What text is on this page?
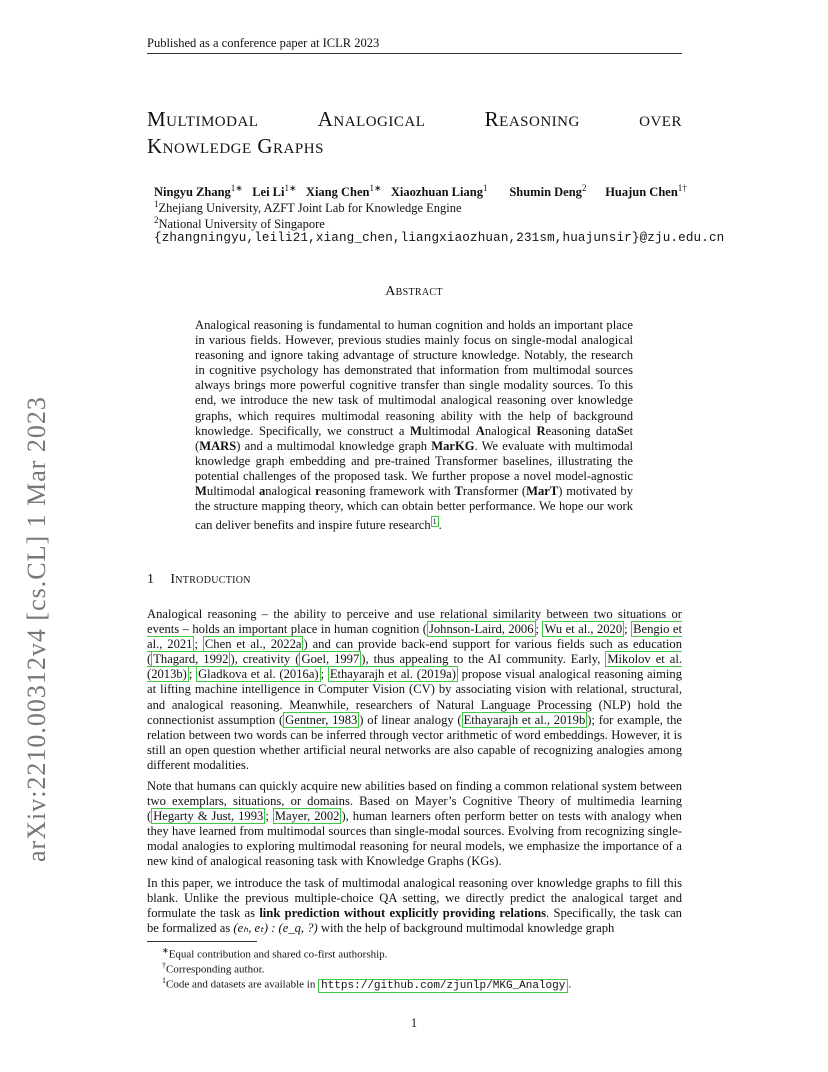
Published as a conference paper at ICLR 2023
Multimodal	Analogical	Reasoning	over
Knowledge Graphs
Ningyu Zhang$^{1∗}$ Lei $Li^{1∗}$ Xiang Chen$^{1∗}$ Xiaozhuan Liang$^1$ Shumin Deng$^2$ Huajun Chen$^{1\dagger}$
$^1$Zhejiang University, AZFT Joint Lab for Knowledge Engine
$^2$National University of Singapore
{zhangningyu,leili21,xiang_chen,liangxiaozhuan,231sm,huajunsir}@zju.edu.cn
arXiv:2210.00312v4 [cs.CL] 1 Mar 2023
Abstract
Analogical reasoning is fundamental to human cognition and holds an important place in various fields. However, previous studies mainly focus on single-modal analogical reasoning and ignore taking advantage of structure knowledge. Notably, the research in cognitive psychology has demonstrated that information from multimodal sources always brings more powerful cognitive transfer than single modality sources. To this end, we introduce the new task of multimodal analogical reasoning over knowledge graphs, which requires multimodal reasoning ability with the help of background knowledge. Specifically, we construct a Multimodal Analogical Reasoning dataSet (MARS) and a multimodal knowledge graph MarKG. We evaluate with multimodal knowledge graph embedding and pre-trained Transformer baselines, illustrating the potential challenges of the proposed task. We further propose a novel model-agnostic Multimodal analogical reasoning framework with Transformer (MarT) motivated by the structure mapping theory, which can obtain better performance. We hope our work can deliver benefits and inspire future research $^1$ .
1 Introduction
Analogical reasoning – the ability to perceive and use relational similarity between two situations or events – holds an important place in human cognition ( Johnson-Laird, 2006 ; Wu et al., 2020 ; Bengio et al., 2021 ; Chen et al., 2022a ) and can provide back-end support for various fields such as education ( Thagard, 1992 ), creativity ( Goel, 1997 ), thus appealing to the AI community. Early, Mikolov et al. (2013b) ; Gladkova et al. (2016a) ; Ethayarajh et al. (2019a) propose visual analogical reasoning aiming at lifting machine intelligence in Computer Vision (CV) by associating vision with relational, structural, and analogical reasoning. Meanwhile, researchers of Natural Language Processing (NLP) hold the connectionist assumption ( Gentner, 1983 ) of linear analogy ( Ethayarajh et al., 2019b ); for example, the relation between two words can be inferred through vector arithmetic of word embeddings. However, it is still an open question whether artificial neural networks are also capable of recognizing analogies among different modalities.
Note that humans can quickly acquire new abilities based on finding a common relational system between two exemplars, situations, or domains. Based on Mayer’s Cognitive Theory of multimedia learning ( Hegarty & Just, 1993 ; Mayer, 2002 ), human learners often perform better on tests with analogy when they have learned from multimodal sources than single-modal sources. Evolving from recognizing single-modal analogies to exploring multimodal reasoning for neural models, we emphasize the importance of a new kind of analogical reasoning task with Knowledge Graphs (KGs).
In this paper, we introduce the task of multimodal analogical reasoning over knowledge graphs to fill this blank. Unlike the previous multiple-choice QA setting, we directly predict the analogical target and formulate the task as link prediction without explicitly providing relations. Specifically, the task can be formalized as (eₕ, eₜ) : (e_q, ?) with the help of background multimodal knowledge graph
∗Equal contribution and shared co-first authorship.
†Corresponding author.
$^1$Code and datasets are available in https://github.com/zjunlp/MKG_Analogy .
1
